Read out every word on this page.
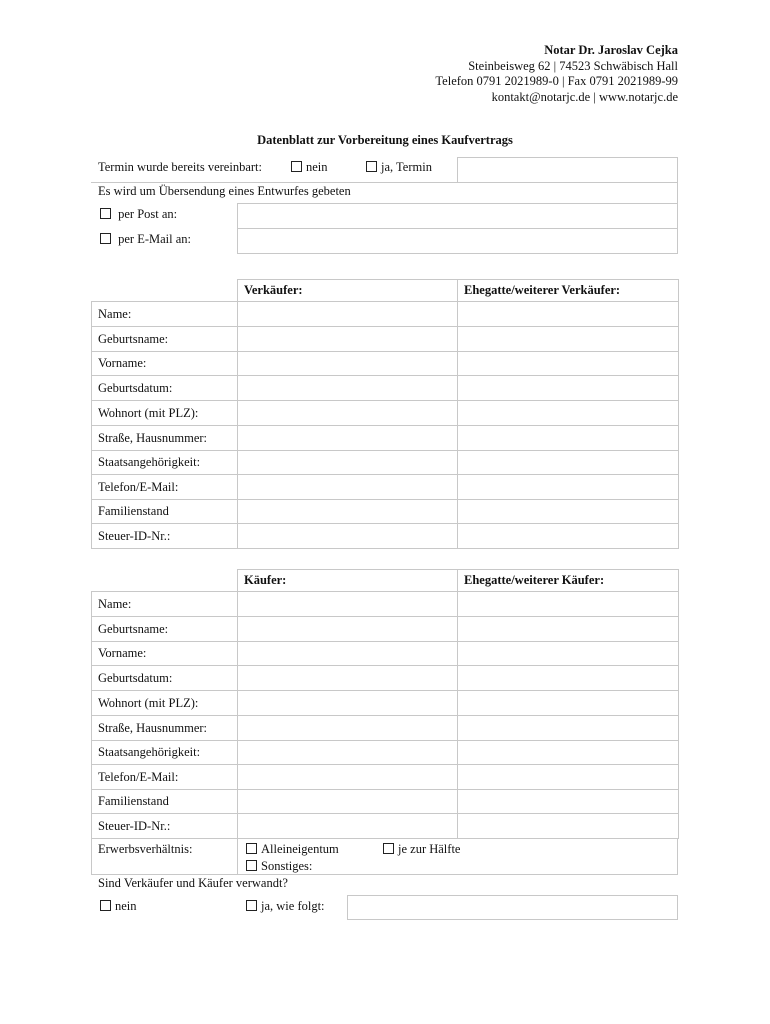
Notar Dr. Jaroslav Cejka
Steinbeisweg 62 | 74523 Schwäbisch Hall
Telefon 0791 2021989-0 | Fax 0791 2021989-99
kontakt@notarjc.de | www.notarjc.de
Datenblatt zur Vorbereitung eines Kaufvertrags
Termin wurde bereits vereinbart:	nein	ja, Termin
Es wird um Übersendung eines Entwurfes gebeten
per Post an:
per E-Mail an:
	Verkäufer:	Ehegatte/weiterer Verkäufer:
Name:		
Geburtsname:		
Vorname:		
Geburtsdatum:		
Wohnort (mit PLZ):		
Straße, Hausnummer:		
Staatsangehörigkeit:		
Telefon/E-Mail:		
Familienstand		
Steuer-ID-Nr.:		
	Käufer:	Ehegatte/weiterer Käufer:
Name:		
Geburtsname:		
Vorname:		
Geburtsdatum:		
Wohnort (mit PLZ):		
Straße, Hausnummer:		
Staatsangehörigkeit:		
Telefon/E-Mail:		
Familienstand		
Steuer-ID-Nr.:		
Erwerbsverhältnis:	Alleineigentum	je zur Hälfte
Sonstiges:
Sind Verkäufer und Käufer verwandt?
nein	ja, wie folgt:
